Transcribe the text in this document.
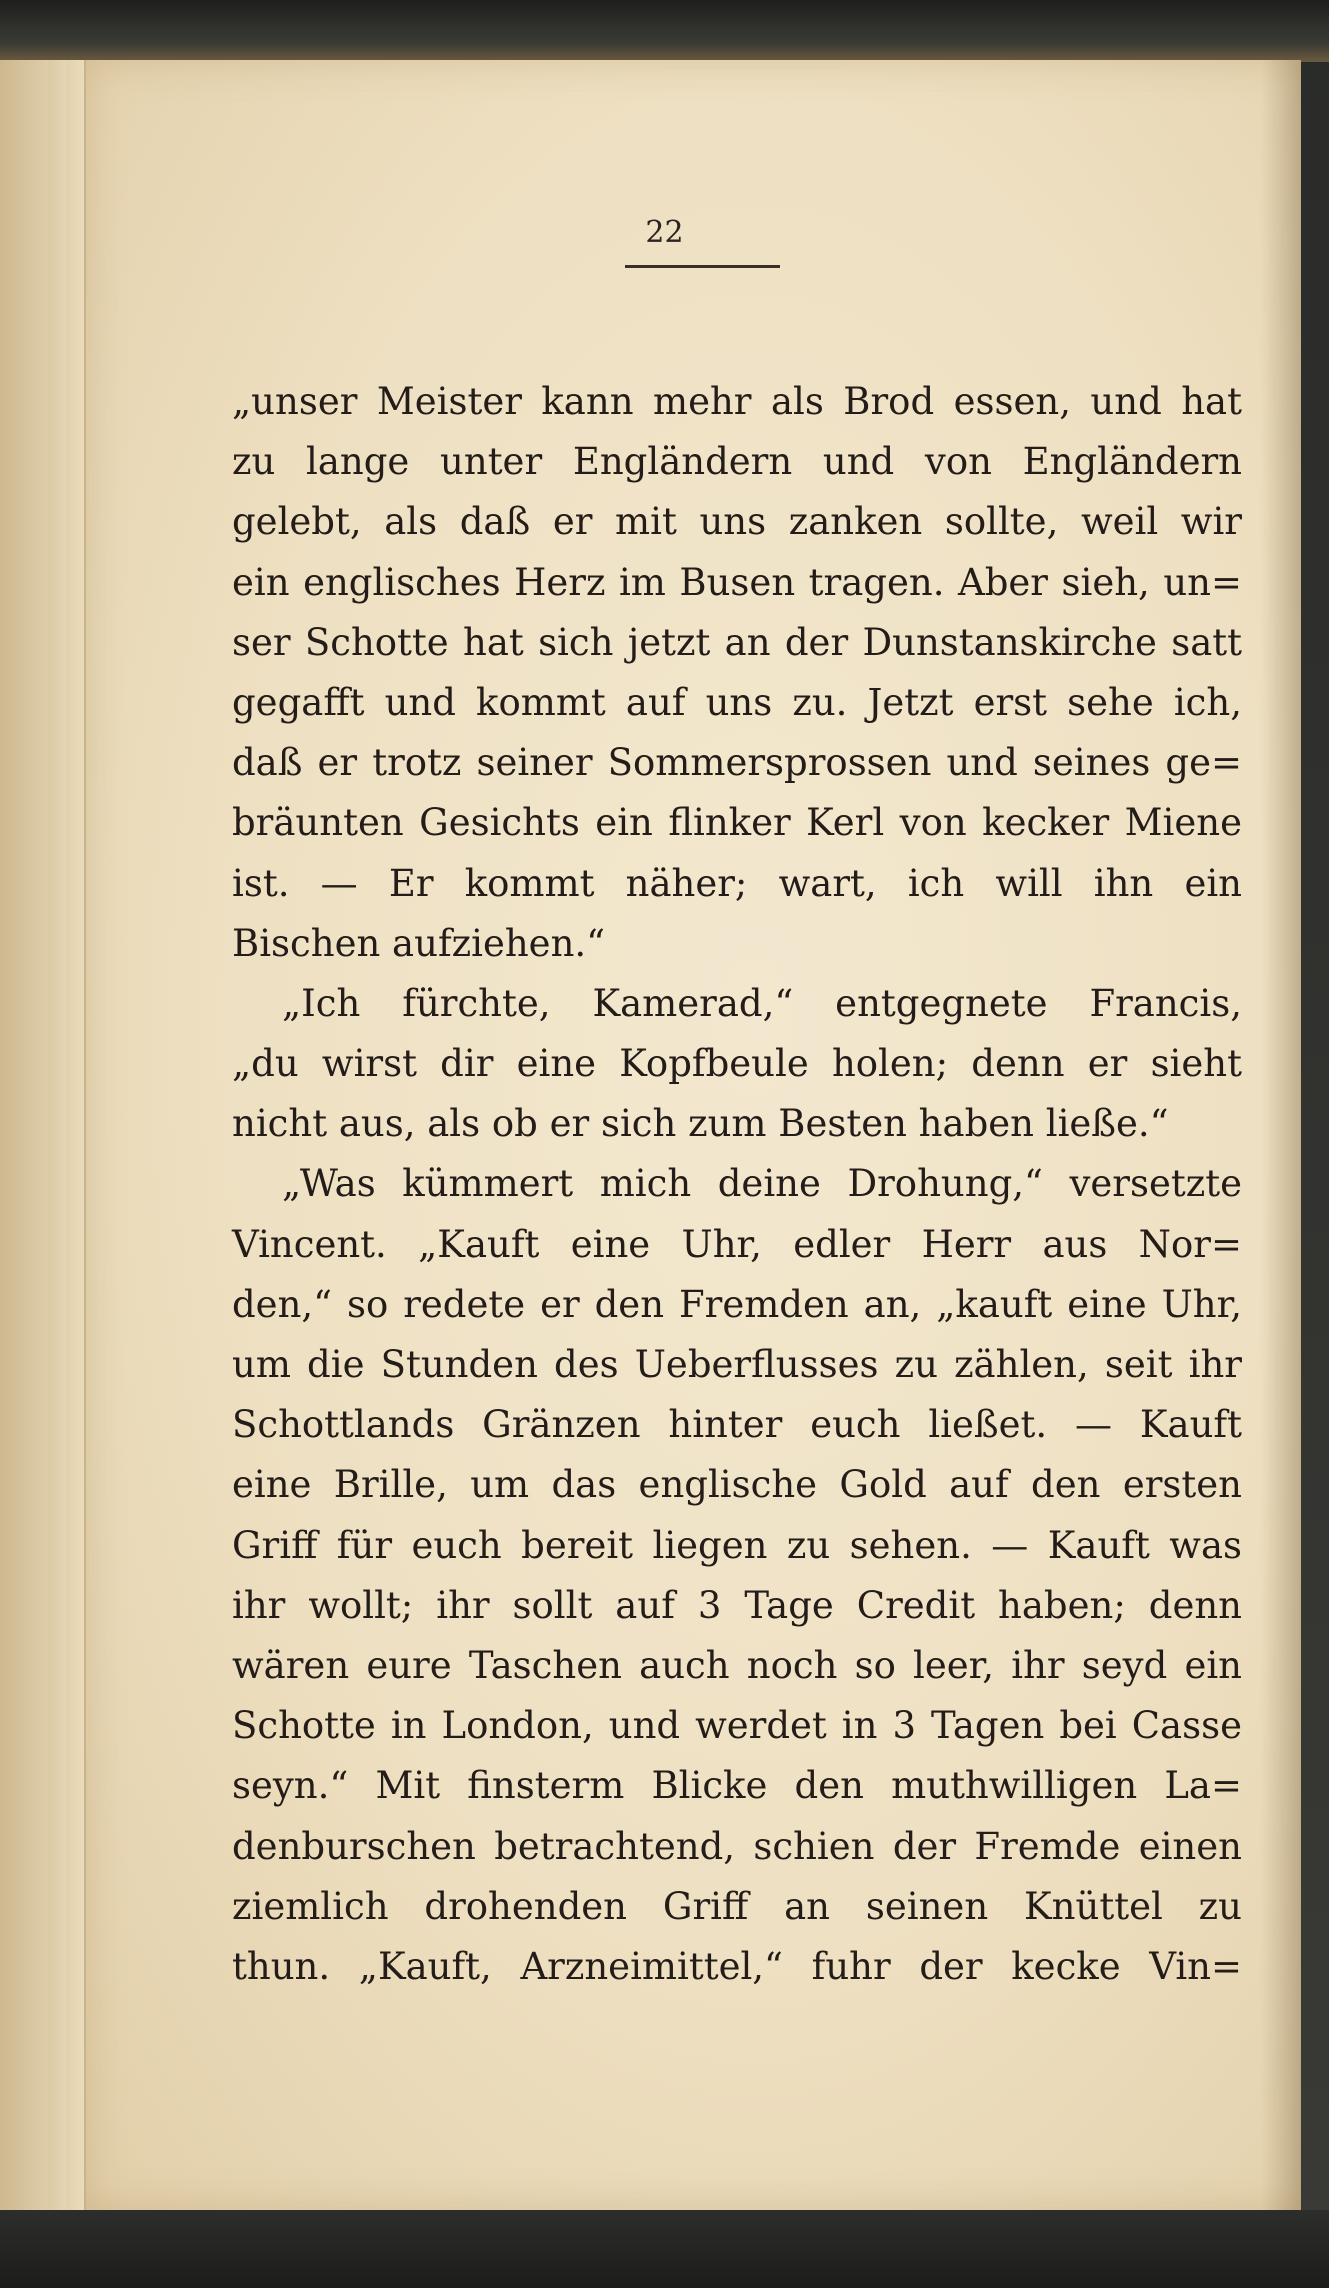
22
„unser Meister kann mehr als Brod essen, und hat
zu lange unter Engländern und von Engländern
gelebt, als daß er mit uns zanken sollte, weil wir
ein englisches Herz im Busen tragen. Aber sieh, un=
ser Schotte hat sich jetzt an der Dunstanskirche satt
gegafft und kommt auf uns zu. Jetzt erst sehe ich,
daß er trotz seiner Sommersprossen und seines ge=
bräunten Gesichts ein flinker Kerl von kecker Miene
ist. — Er kommt näher; wart, ich will ihn ein
Bischen aufziehen.“
„Ich fürchte, Kamerad,“ entgegnete Francis,
„du wirst dir eine Kopfbeule holen; denn er sieht
nicht aus, als ob er sich zum Besten haben ließe.“
„Was kümmert mich deine Drohung,“ versetzte
Vincent. „Kauft eine Uhr, edler Herr aus Nor=
den,“ so redete er den Fremden an, „kauft eine Uhr,
um die Stunden des Ueberflusses zu zählen, seit ihr
Schottlands Gränzen hinter euch ließet. — Kauft
eine Brille, um das englische Gold auf den ersten
Griff für euch bereit liegen zu sehen. — Kauft was
ihr wollt; ihr sollt auf 3 Tage Credit haben; denn
wären eure Taschen auch noch so leer, ihr seyd ein
Schotte in London, und werdet in 3 Tagen bei Casse
seyn.“ Mit finsterm Blicke den muthwilligen La=
denburschen betrachtend, schien der Fremde einen
ziemlich drohenden Griff an seinen Knüttel zu
thun. „Kauft, Arzneimittel,“ fuhr der kecke Vin=
